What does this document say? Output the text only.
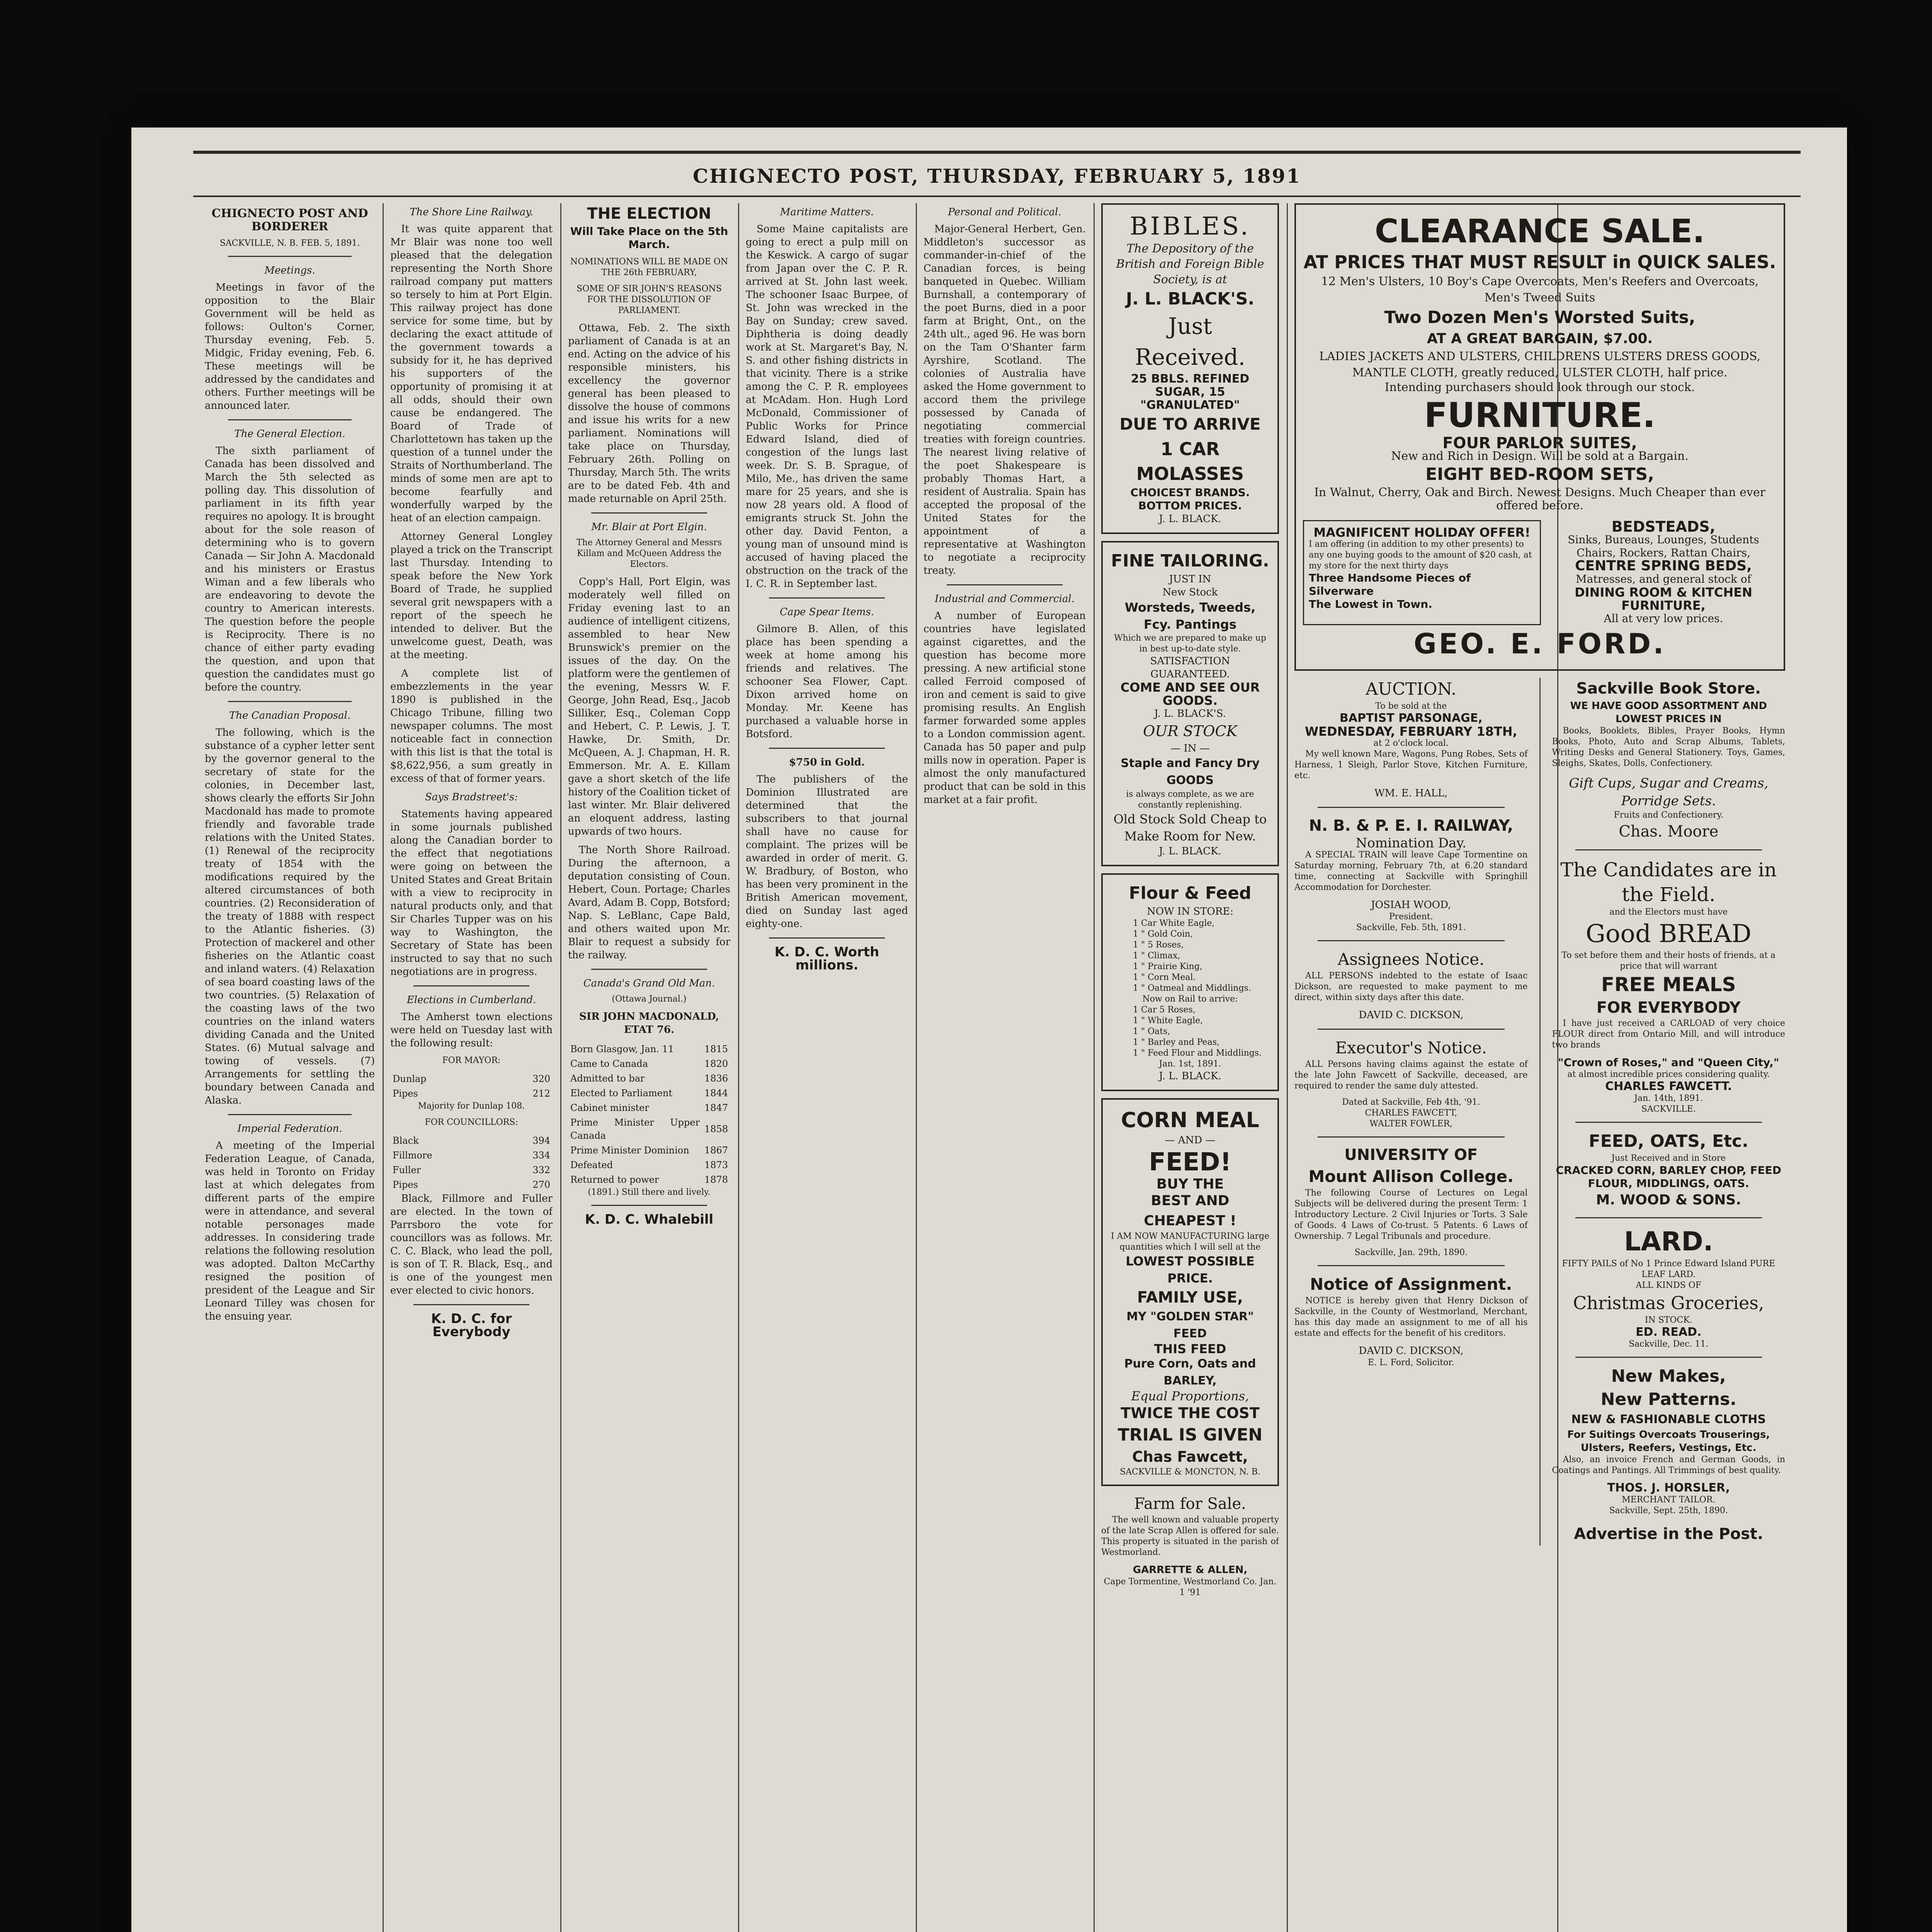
CHIGNECTO POST, THURSDAY, FEBRUARY 5, 1891
CHIGNECTO POST AND BORDERER

SACKVILLE, N. B. FEB. 5, 1891.

Meetings.

Meetings in favor of the opposition to the Blair Government will be held as follows: Oulton's Corner, Thursday evening, Feb. 5. Midgic, Friday evening, Feb. 6. These meetings will be addressed by the candidates and others. Further meetings will be announced later.

The General Election.

The sixth parliament of Canada has been dissolved and March the 5th selected as polling day. This dissolution of parliament in its fifth year requires no apology. It is brought about for the sole reason of determining who is to govern Canada — Sir John A. Macdonald and his ministers or Erastus Wiman and a few liberals who are endeavoring to devote the country to American interests. The question before the people is Reciprocity. There is no chance of either party evading the question, and upon that question the candidates must go before the country.

The Canadian Proposal.

The following, which is the substance of a cypher letter sent by the governor general to the secretary of state for the colonies, in December last, shows clearly the efforts Sir John Macdonald has made to promote friendly and favorable trade relations with the United States. (1) Renewal of the reciprocity treaty of 1854 with the modifications required by the altered circumstances of both countries. (2) Reconsideration of the treaty of 1888 with respect to the Atlantic fisheries. (3) Protection of mackerel and other fisheries on the Atlantic coast and inland waters. (4) Relaxation of sea board coasting laws of the two countries. (5) Relaxation of the coasting laws of the two countries on the inland waters dividing Canada and the United States. (6) Mutual salvage and towing of vessels. (7) Arrangements for settling the boundary between Canada and Alaska.

Imperial Federation.

A meeting of the Imperial Federation League, of Canada, was held in Toronto on Friday last at which delegates from different parts of the empire were in attendance, and several notable personages made addresses. In considering trade relations the following resolution was adopted. Dalton McCarthy resigned the position of president of the League and Sir Leonard Tilley was chosen for the ensuing year.

The Shore Line Railway.

It was quite apparent that Mr Blair was none too well pleased that the delegation representing the North Shore railroad company put matters so tersely to him at Port Elgin. This railway project has done service for some time, but by declaring the exact attitude of the government towards a subsidy for it, he has deprived his supporters of the opportunity of promising it at all odds, should their own cause be endangered. The Board of Trade of Charlottetown has taken up the question of a tunnel under the Straits of Northumberland. The minds of some men are apt to become fearfully and wonderfully warped by the heat of an election campaign.

Attorney General Longley played a trick on the Transcript last Thursday. Intending to speak before the New York Board of Trade, he supplied several grit newspapers with a report of the speech he intended to deliver. But the unwelcome guest, Death, was at the meeting.

A complete list of embezzlements in the year 1890 is published in the Chicago Tribune, filling two newspaper columns. The most noticeable fact in connection with this list is that the total is $8,622,956, a sum greatly in excess of that of former years.

Says Bradstreet's:

Statements having appeared in some journals published along the Canadian border to the effect that negotiations were going on between the United States and Great Britain with a view to reciprocity in natural products only, and that Sir Charles Tupper was on his way to Washington, the Secretary of State has been instructed to say that no such negotiations are in progress.

Elections in Cumberland.

The Amherst town elections were held on Tuesday last with the following result:

FOR MAYOR:

Dunlap	320
Pipes	212

Majority for Dunlap 108.

FOR COUNCILLORS:

Black	394
Fillmore	334
Fuller	332
Pipes	270

Black, Fillmore and Fuller are elected. In the town of Parrsboro the vote for councillors was as follows. Mr. C. C. Black, who lead the poll, is son of T. R. Black, Esq., and is one of the youngest men ever elected to civic honors.

K. D. C. for Everybody

THE ELECTION

Will Take Place on the 5th March.

NOMINATIONS WILL BE MADE ON THE 26th FEBRUARY,

SOME OF SIR JOHN'S REASONS FOR THE DISSOLUTION OF PARLIAMENT.

Ottawa, Feb. 2. The sixth parliament of Canada is at an end. Acting on the advice of his responsible ministers, his excellency the governor general has been pleased to dissolve the house of commons and issue his writs for a new parliament. Nominations will take place on Thursday, February 26th. Polling on Thursday, March 5th. The writs are to be dated Feb. 4th and made returnable on April 25th.

Mr. Blair at Port Elgin.

The Attorney General and Messrs Killam and McQueen Address the Electors.

Copp's Hall, Port Elgin, was moderately well filled on Friday evening last to an audience of intelligent citizens, assembled to hear New Brunswick's premier on the issues of the day. On the platform were the gentlemen of the evening, Messrs W. F. George, John Read, Esq., Jacob Silliker, Esq., Coleman Copp and Hebert, C. P. Lewis, J. T. Hawke, Dr. Smith, Dr. McQueen, A. J. Chapman, H. R. Emmerson. Mr. A. E. Killam gave a short sketch of the life history of the Coalition ticket of last winter. Mr. Blair delivered an eloquent address, lasting upwards of two hours.

The North Shore Railroad. During the afternoon, a deputation consisting of Coun. Hebert, Coun. Portage; Charles Avard, Adam B. Copp, Botsford; Nap. S. LeBlanc, Cape Bald, and others waited upon Mr. Blair to request a subsidy for the railway.

Canada's Grand Old Man.

(Ottawa Journal.)

SIR JOHN MACDONALD, ETAT 76.

Born Glasgow, Jan. 11	1815
Came to Canada	1820
Admitted to bar	1836
Elected to Parliament	1844
Cabinet minister	1847
Prime Minister Upper Canada	1858
Prime Minister Dominion	1867
Defeated	1873
Returned to power	1878

(1891.) Still there and lively.

K. D. C. Whalebill

Maritime Matters.

Some Maine capitalists are going to erect a pulp mill on the Keswick. A cargo of sugar from Japan over the C. P. R. arrived at St. John last week. The schooner Isaac Burpee, of St. John was wrecked in the Bay on Sunday; crew saved. Diphtheria is doing deadly work at St. Margaret's Bay, N. S. and other fishing districts in that vicinity. There is a strike among the C. P. R. employees at McAdam. Hon. Hugh Lord McDonald, Commissioner of Public Works for Prince Edward Island, died of congestion of the lungs last week. Dr. S. B. Sprague, of Milo, Me., has driven the same mare for 25 years, and she is now 28 years old. A flood of emigrants struck St. John the other day. David Fenton, a young man of unsound mind is accused of having placed the obstruction on the track of the I. C. R. in September last.

Cape Spear Items.

Gilmore B. Allen, of this place has been spending a week at home among his friends and relatives. The schooner Sea Flower, Capt. Dixon arrived home on Monday. Mr. Keene has purchased a valuable horse in Botsford.

$750 in Gold.

The publishers of the Dominion Illustrated are determined that the subscribers to that journal shall have no cause for complaint. The prizes will be awarded in order of merit. G. W. Bradbury, of Boston, who has been very prominent in the British American movement, died on Sunday last aged eighty-one.

K. D. C. Worth millions.

Personal and Political.

Major-General Herbert, Gen. Middleton's successor as commander-in-chief of the Canadian forces, is being banqueted in Quebec. William Burnshall, a contemporary of the poet Burns, died in a poor farm at Bright, Ont., on the 24th ult., aged 96. He was born on the Tam O'Shanter farm Ayrshire, Scotland. The colonies of Australia have asked the Home government to accord them the privilege possessed by Canada of negotiating commercial treaties with foreign countries. The nearest living relative of the poet Shakespeare is probably Thomas Hart, a resident of Australia. Spain has accepted the proposal of the United States for the appointment of a representative at Washington to negotiate a reciprocity treaty.

Industrial and Commercial.

A number of European countries have legislated against cigarettes, and the question has become more pressing. A new artificial stone called Ferroid composed of iron and cement is said to give promising results. An English farmer forwarded some apples to a London commission agent. Canada has 50 paper and pulp mills now in operation. Paper is almost the only manufactured product that can be sold in this market at a fair profit.

BIBLES.
The Depository of the British and Foreign Bible Society, is at
J. L. BLACK'S.
Just Received.
25 BBLS. REFINED SUGAR, 15 "GRANULATED"
DUE TO ARRIVE
1 CAR MOLASSES
CHOICEST BRANDS. BOTTOM PRICES.
J. L. BLACK.
FINE TAILORING.
JUST IN
New Stock
Worsteds, Tweeds, Fcy. Pantings
Which we are prepared to make up in best up-to-date style.
SATISFACTION GUARANTEED.
COME AND SEE OUR GOODS.
J. L. BLACK'S.
OUR STOCK
— IN —
Staple and Fancy Dry GOODS
is always complete, as we are constantly replenishing.
Old Stock Sold Cheap to Make Room for New.
J. L. BLACK.
Flour & Feed
NOW IN STORE:
1 Car White Eagle,
1 " Gold Coin,
1 " 5 Roses,
1 " Climax,
1 " Prairie King,
1 " Corn Meal.
1 " Oatmeal and Middlings.
Now on Rail to arrive:
1 Car 5 Roses,
1 " White Eagle,
1 " Oats,
1 " Barley and Peas,
1 " Feed Flour and Middlings.
Jan. 1st, 1891.
J. L. BLACK.
CORN MEAL
— AND —
FEED!
BUY THE
BEST AND CHEAPEST !
I AM NOW MANUFACTURING large quantities which I will sell at the
LOWEST POSSIBLE PRICE.
FAMILY USE,
MY "GOLDEN STAR" FEED
THIS FEED
Pure Corn, Oats and BARLEY,
Equal Proportions,
TWICE THE COST
TRIAL IS GIVEN
Chas Fawcett,
SACKVILLE & MONCTON, N. B.
Farm for Sale.

The well known and valuable property of the late Scrap Allen is offered for sale. This property is situated in the parish of Westmorland.

GARRETTE & ALLEN,
Cape Tormentine, Westmorland Co. Jan. 1 '91
CLEARANCE SALE.
AT PRICES THAT MUST RESULT in QUICK SALES.
12 Men's Ulsters, 10 Boy's Cape Overcoats, Men's Reefers and Overcoats, Men's Tweed Suits
Two Dozen Men's Worsted Suits,
AT A GREAT BARGAIN, $7.00.
LADIES JACKETS AND ULSTERS, CHILDRENS ULSTERS DRESS GOODS, MANTLE CLOTH, greatly reduced, ULSTER CLOTH, half price.
Intending purchasers should look through our stock.
FURNITURE.
FOUR PARLOR SUITES,
New and Rich in Design. Will be sold at a Bargain.
EIGHT BED-ROOM SETS,
In Walnut, Cherry, Oak and Birch. Newest Designs. Much Cheaper than ever offered before.
MAGNIFICENT HOLIDAY OFFER!
I am offering (in addition to my other presents) to any one buying goods to the amount of $20 cash, at my store for the next thirty days
Three Handsome Pieces of Silverware
The Lowest in Town.
BEDSTEADS,
Sinks, Bureaus, Lounges, Students Chairs, Rockers, Rattan Chairs,
CENTRE SPRING BEDS,
Matresses, and general stock of
DINING ROOM & KITCHEN FURNITURE,
All at very low prices.
GEO. E. FORD.
AUCTION.
To be sold at the
BAPTIST PARSONAGE,
WEDNESDAY, FEBRUARY 18TH,
at 2 o'clock local.

My well known Mare, Wagons, Pung Robes, Sets of Harness, 1 Sleigh, Parlor Stove, Kitchen Furniture, etc.

WM. E. HALL,
N. B. & P. E. I. RAILWAY,
Nomination Day.

A SPECIAL TRAIN will leave Cape Tormentine on Saturday morning, February 7th, at 6.20 standard time, connecting at Sackville with Springhill Accommodation for Dorchester.

JOSIAH WOOD,
President.
Sackville, Feb. 5th, 1891.
Assignees Notice.

ALL PERSONS indebted to the estate of Isaac Dickson, are requested to make payment to me direct, within sixty days after this date.

DAVID C. DICKSON,
Executor's Notice.

ALL Persons having claims against the estate of the late John Fawcett of Sackville, deceased, are required to render the same duly attested.

Dated at Sackville, Feb 4th, '91.
CHARLES FAWCETT,
WALTER FOWLER,
UNIVERSITY OF
Mount Allison College.

The following Course of Lectures on Legal Subjects will be delivered during the present Term: 1 Introductory Lecture. 2 Civil Injuries or Torts. 3 Sale of Goods. 4 Laws of Co-trust. 5 Patents. 6 Laws of Ownership. 7 Legal Tribunals and procedure.

Sackville, Jan. 29th, 1890.
Notice of Assignment.

NOTICE is hereby given that Henry Dickson of Sackville, in the County of Westmorland, Merchant, has this day made an assignment to me of all his estate and effects for the benefit of his creditors.

DAVID C. DICKSON,
E. L. Ford, Solicitor.
Sackville Book Store.
WE HAVE GOOD ASSORTMENT AND LOWEST PRICES IN

Books, Booklets, Bibles, Prayer Books, Hymn Books, Photo, Auto and Scrap Albums, Tablets, Writing Desks and General Stationery. Toys, Games, Sleighs, Skates, Dolls, Confectionery.

Gift Cups, Sugar and Creams, Porridge Sets.
Fruits and Confectionery.
Chas. Moore
The Candidates are in the Field.
and the Electors must have
Good BREAD
To set before them and their hosts of friends, at a price that will warrant
FREE MEALS
FOR EVERYBODY

I have just received a CARLOAD of very choice FLOUR direct from Ontario Mill, and will introduce two brands

"Crown of Roses," and "Queen City,"
at almost incredible prices considering quality.
CHARLES FAWCETT.
Jan. 14th, 1891.
SACKVILLE.
FEED, OATS, Etc.
Just Received and in Store
CRACKED CORN, BARLEY CHOP, FEED FLOUR, MIDDLINGS, OATS.
M. WOOD & SONS.
LARD.
FIFTY PAILS of No 1 Prince Edward Island PURE LEAF LARD.
ALL KINDS OF
Christmas Groceries,
IN STOCK.
ED. READ.
Sackville, Dec. 11.
New Makes,
New Patterns.
NEW & FASHIONABLE CLOTHS
For Suitings Overcoats Trouserings, Ulsters, Reefers, Vestings, Etc.

Also, an invoice French and German Goods, in Coatings and Pantings. All Trimmings of best quality.

THOS. J. HORSLER,
MERCHANT TAILOR.
Sackville, Sept. 25th, 1890.
Advertise in the Post.
